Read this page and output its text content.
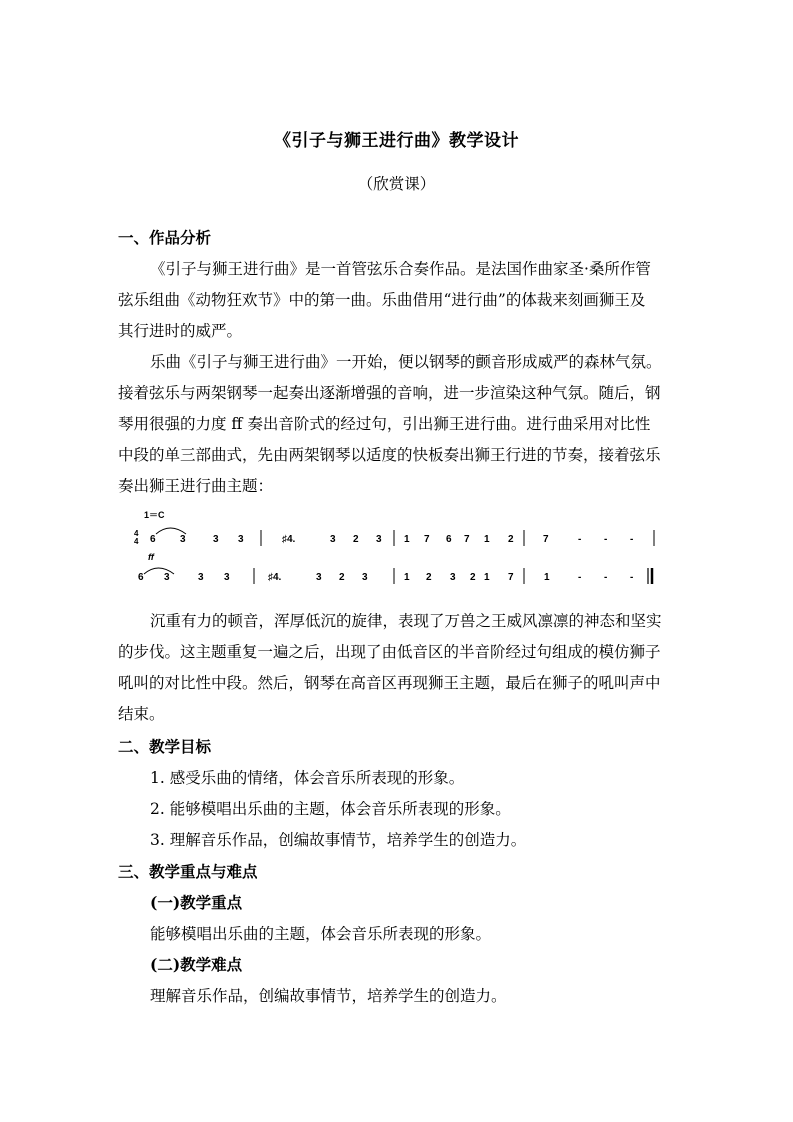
《引子与狮王进行曲》教学设计
（欣赏课）
一、作品分析
《引子与狮王进行曲》是一首管弦乐合奏作品。是法国作曲家圣·桑所作管
弦乐组曲《动物狂欢节》中的第一曲。乐曲借用“进行曲”的体裁来刻画狮王及
其行进时的威严。
乐曲《引子与狮王进行曲》一开始，便以钢琴的颤音形成威严的森林气氛。
接着弦乐与两架钢琴一起奏出逐渐增强的音响，进一步渲染这种气氛。随后，钢
琴用很强的力度 ff 奏出音阶式的经过句，引出狮王进行曲。进行曲采用对比性
中段的单三部曲式，先由两架钢琴以适度的快板奏出狮王行进的节奏，接着弦乐
奏出狮王进行曲主题：
1＝C
4
4
ff
6 3	3 3	♯4.	3 2 3 1 7 6 7 1 2	7	- - -
6 3	3 3	♯4.	3 2 3	1 2 3 2 1 7	1	- - -
沉重有力的顿音，浑厚低沉的旋律，表现了万兽之王威风凛凛的神态和坚实
的步伐。这主题重复一遍之后，出现了由低音区的半音阶经过句组成的模仿狮子
吼叫的对比性中段。然后，钢琴在高音区再现狮王主题，最后在狮子的吼叫声中
结束。
二、教学目标
1. 感受乐曲的情绪，体会音乐所表现的形象。
2. 能够模唱出乐曲的主题，体会音乐所表现的形象。
3. 理解音乐作品，创编故事情节，培养学生的创造力。
三、教学重点与难点
(一)教学重点
能够模唱出乐曲的主题，体会音乐所表现的形象。
(二)教学难点
理解音乐作品，创编故事情节，培养学生的创造力。
